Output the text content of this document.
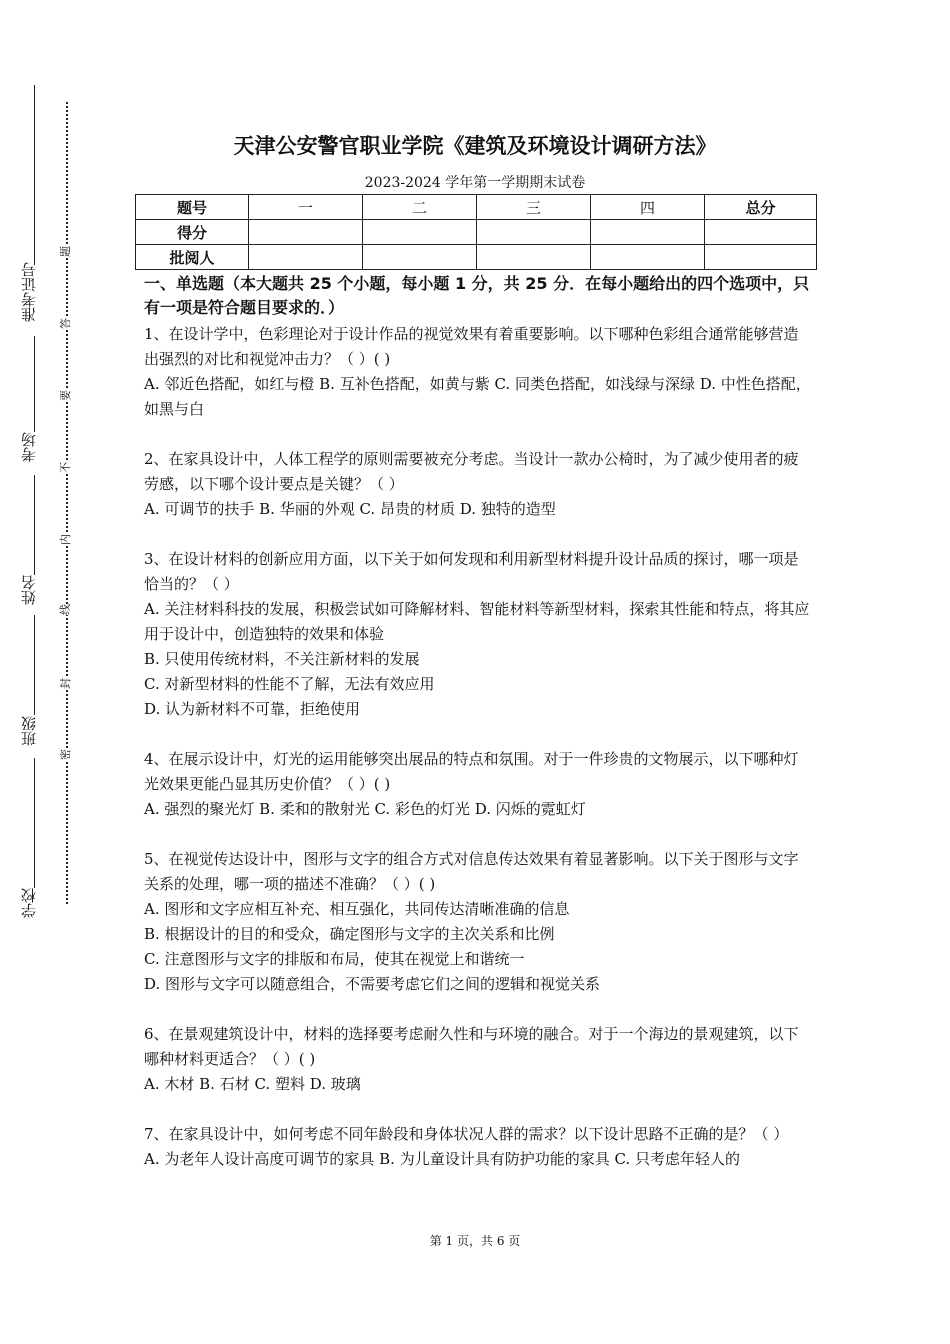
准考证号
考场
姓名
班级
学校
题
答
要
不
内
线
封
密
天津公安警官职业学院《建筑及环境设计调研方法》
2023-2024 学年第一学期期末试卷
题号	一	二	三	四	总分
得分					
批阅人					
一、单选题（本大题共 25 个小题，每小题 1 分，共 25 分．在每小题给出的四个选项中，只有一项是符合题目要求的．）

1、在设计学中，色彩理论对于设计作品的视觉效果有着重要影响。以下哪种色彩组合通常能够营造出强烈的对比和视觉冲击力？（ ）( )

A. 邻近色搭配，如红与橙 B. 互补色搭配，如黄与紫 C. 同类色搭配，如浅绿与深绿 D. 中性色搭配，如黑与白

2、在家具设计中，人体工程学的原则需要被充分考虑。当设计一款办公椅时，为了减少使用者的疲劳感，以下哪个设计要点是关键？（ ）

A. 可调节的扶手 B. 华丽的外观 C. 昂贵的材质 D. 独特的造型

3、在设计材料的创新应用方面，以下关于如何发现和利用新型材料提升设计品质的探讨，哪一项是恰当的？（ ）

A. 关注材料科技的发展，积极尝试如可降解材料、智能材料等新型材料，探索其性能和特点，将其应用于设计中，创造独特的效果和体验

B. 只使用传统材料，不关注新材料的发展

C. 对新型材料的性能不了解，无法有效应用

D. 认为新材料不可靠，拒绝使用

4、在展示设计中，灯光的运用能够突出展品的特点和氛围。对于一件珍贵的文物展示，以下哪种灯光效果更能凸显其历史价值？（ ）( )

A. 强烈的聚光灯 B. 柔和的散射光 C. 彩色的灯光 D. 闪烁的霓虹灯

5、在视觉传达设计中，图形与文字的组合方式对信息传达效果有着显著影响。以下关于图形与文字关系的处理，哪一项的描述不准确？（ ）( )

A. 图形和文字应相互补充、相互强化，共同传达清晰准确的信息

B. 根据设计的目的和受众，确定图形与文字的主次关系和比例

C. 注意图形与文字的排版和布局，使其在视觉上和谐统一

D. 图形与文字可以随意组合，不需要考虑它们之间的逻辑和视觉关系

6、在景观建筑设计中，材料的选择要考虑耐久性和与环境的融合。对于一个海边的景观建筑，以下哪种材料更适合？（ ）( )

A. 木材 B. 石材 C. 塑料 D. 玻璃

7、在家具设计中，如何考虑不同年龄段和身体状况人群的需求？以下设计思路不正确的是？（ ）

A. 为老年人设计高度可调节的家具 B. 为儿童设计具有防护功能的家具 C. 只考虑年轻人的

第 1 页，共 6 页
